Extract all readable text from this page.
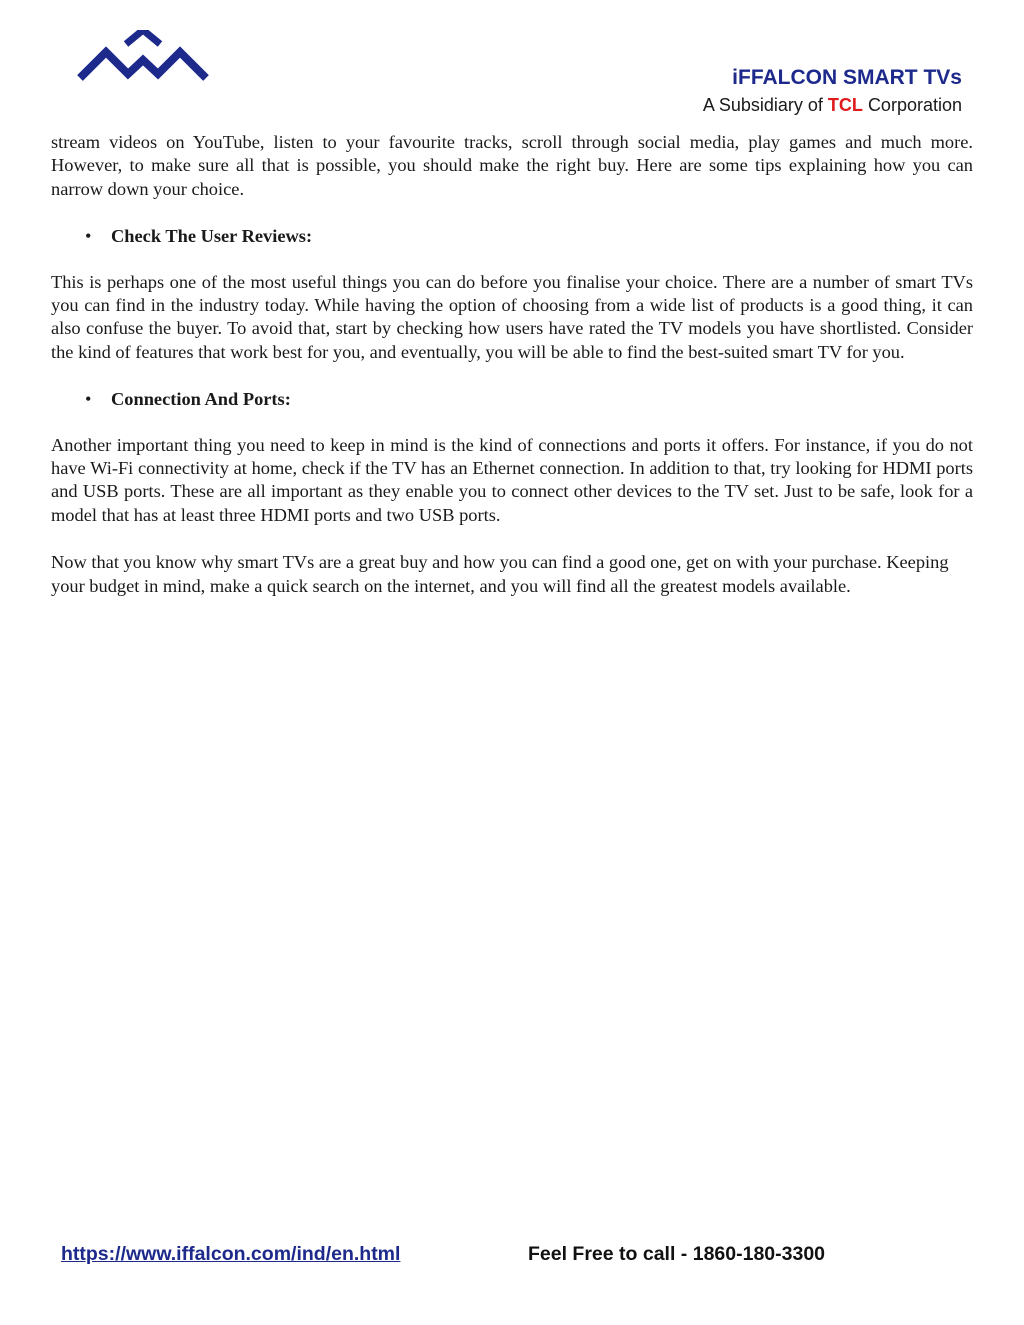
iFFALCON SMART TVs
A Subsidiary of TCL Corporation

stream videos on YouTube, listen to your favourite tracks, scroll through social media, play games and much more. However, to make sure all that is possible, you should make the right buy. Here are some tips explaining how you can narrow down your choice.

• Check The User Reviews:

This is perhaps one of the most useful things you can do before you finalise your choice. There are a number of smart TVs you can find in the industry today. While having the option of choosing from a wide list of products is a good thing, it can also confuse the buyer. To avoid that, start by checking how users have rated the TV models you have shortlisted. Consider the kind of features that work best for you, and eventually, you will be able to find the best-suited smart TV for you.

• Connection And Ports:

Another important thing you need to keep in mind is the kind of connections and ports it offers. For instance, if you do not have Wi-Fi connectivity at home, check if the TV has an Ethernet connection. In addition to that, try looking for HDMI ports and USB ports. These are all important as they enable you to connect other devices to the TV set. Just to be safe, look for a model that has at least three HDMI ports and two USB ports.

Now that you know why smart TVs are a great buy and how you can find a good one, get on with your purchase. Keeping your budget in mind, make a quick search on the internet, and you will find all the greatest models available.

https://www.iffalcon.com/ind/en.html	Feel Free to call - 1860-180-3300
